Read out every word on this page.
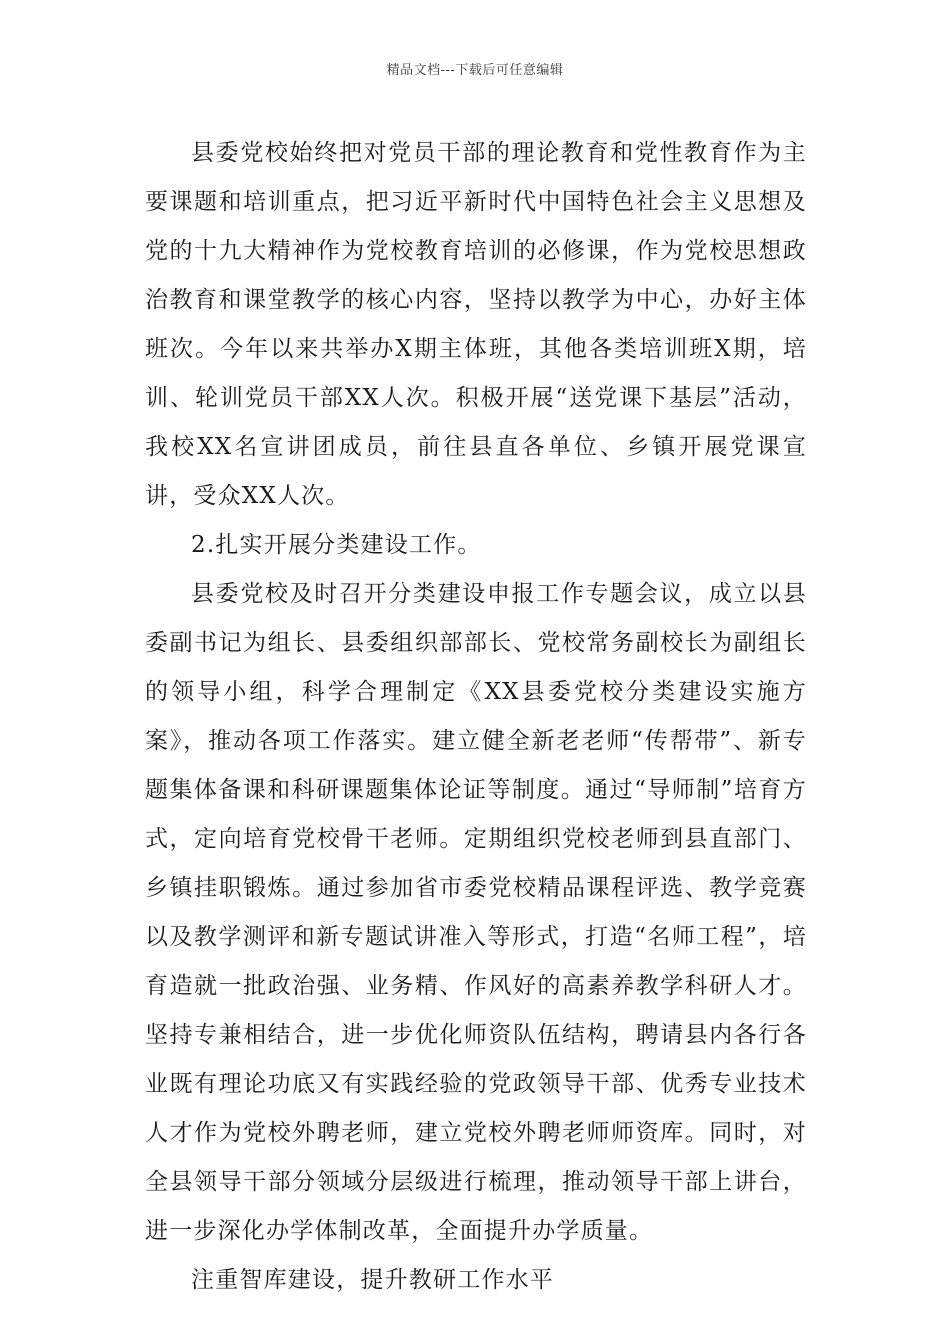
精品文档---下载后可任意编辑

县委党校始终把对党员干部的理论教育和党性教育作为主要课题和培训重点，把习近平新时代中国特色社会主义思想及党的十九大精神作为党校教育培训的必修课，作为党校思想政治教育和课堂教学的核心内容，坚持以教学为中心，办好主体班次。今年以来共举办X期主体班，其他各类培训班X期，培训、轮训党员干部XX人次。积极开展“送党课下基层”活动，我校XX名宣讲团成员，前往县直各单位、乡镇开展党课宣讲，受众XX人次。

2.扎实开展分类建设工作。

县委党校及时召开分类建设申报工作专题会议，成立以县委副书记为组长、县委组织部部长、党校常务副校长为副组长的领导小组，科学合理制定《XX县委党校分类建设实施方案》，推动各项工作落实。建立健全新老老师“传帮带”、新专题集体备课和科研课题集体论证等制度。通过“导师制”培育方式，定向培育党校骨干老师。定期组织党校老师到县直部门、乡镇挂职锻炼。通过参加省市委党校精品课程评选、教学竞赛以及教学测评和新专题试讲准入等形式，打造“名师工程”，培育造就一批政治强、业务精、作风好的高素养教学科研人才。坚持专兼相结合，进一步优化师资队伍结构，聘请县内各行各业既有理论功底又有实践经验的党政领导干部、优秀专业技术人才作为党校外聘老师，建立党校外聘老师师资库。同时，对全县领导干部分领域分层级进行梳理，推动领导干部上讲台，进一步深化办学体制改革，全面提升办学质量。

注重智库建设，提升教研工作水平
